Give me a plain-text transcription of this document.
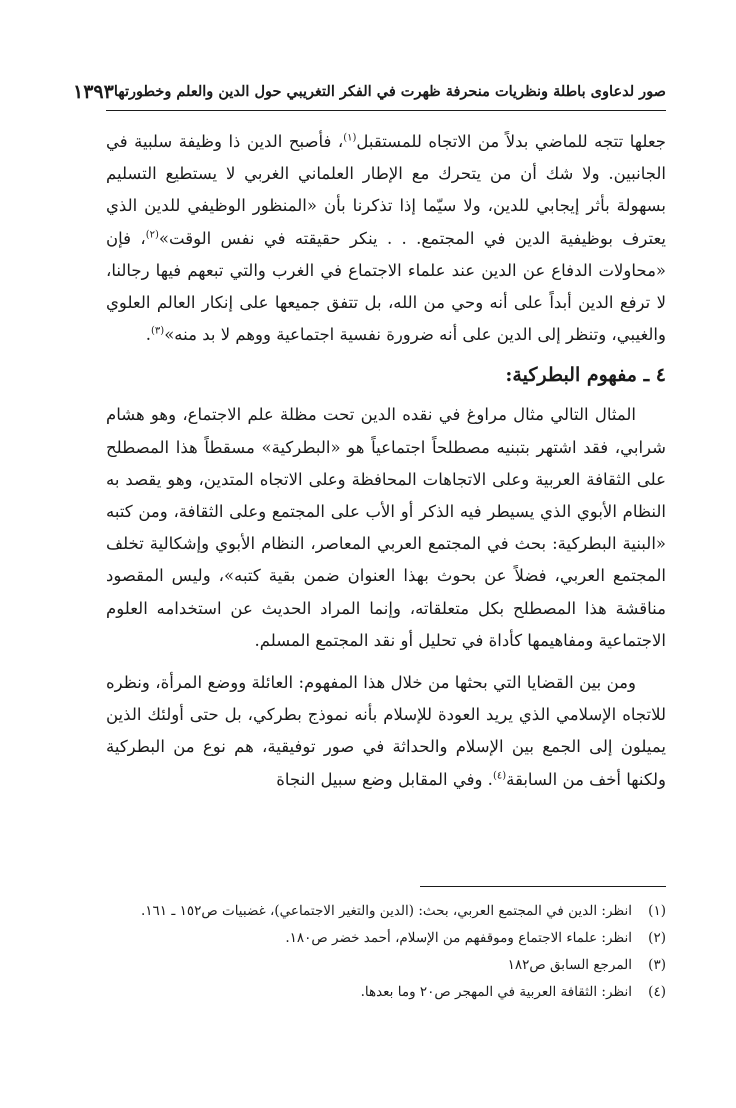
صور لدعاوى باطلة ونظريات منحرفة ظهرت في الفكر التغريبي حول الدين والعلم وخطورتها
١٣٩٣

جعلها تتجه للماضي بدلاً من الاتجاه للمستقبل$^{(١)}$، فأصبح الدين ذا وظيفة سلبية في الجانبين. ولا شك أن من يتحرك مع الإطار العلماني الغربي لا يستطيع التسليم بسهولة بأثر إيجابي للدين، ولا سيّما إذا تذكرنا بأن «المنظور الوظيفي للدين الذي يعترف بوظيفية الدين في المجتمع. . . ينكر حقيقته في نفس الوقت»$^{(٢)}$، فإن «محاولات الدفاع عن الدين عند علماء الاجتماع في الغرب والتي تبعهم فيها رجالنا، لا ترفع الدين أبداً على أنه وحي من الله، بل تتفق جميعها على إنكار العالم العلوي والغيبي، وتنظر إلى الدين على أنه ضرورة نفسية اجتماعية ووهم لا بد منه»$^{(٣)}$.

٤ ـ مفهوم البطركية:

المثال التالي مثال مراوغ في نقده الدين تحت مظلة علم الاجتماع، وهو هشام شرابي، فقد اشتهر بتبنيه مصطلحاً اجتماعياً هو «البطركية» مسقطاً هذا المصطلح على الثقافة العربية وعلى الاتجاهات المحافظة وعلى الاتجاه المتدين، وهو يقصد به النظام الأبوي الذي يسيطر فيه الذكر أو الأب على المجتمع وعلى الثقافة، ومن كتبه «البنية البطركية: بحث في المجتمع العربي المعاصر، النظام الأبوي وإشكالية تخلف المجتمع العربي، فضلاً عن بحوث بهذا العنوان ضمن بقية كتبه»، وليس المقصود مناقشة هذا المصطلح بكل متعلقاته، وإنما المراد الحديث عن استخدامه العلوم الاجتماعية ومفاهيمها كأداة في تحليل أو نقد المجتمع المسلم.

ومن بين القضايا التي بحثها من خلال هذا المفهوم: العائلة ووضع المرأة، ونظره للاتجاه الإسلامي الذي يريد العودة للإسلام بأنه نموذج بطركي، بل حتى أولئك الذين يميلون إلى الجمع بين الإسلام والحداثة في صور توفيقية، هم نوع من البطركية ولكنها أخف من السابقة$^{(٤)}$. وفي المقابل وضع سبيل النجاة

(١)
انظر: الدين في المجتمع العربي، بحث: (الدين والتغير الاجتماعي)، غضبيات ص١٥٢ ـ ١٦١.
(٢)
انظر: علماء الاجتماع وموقفهم من الإسلام، أحمد خضر ص١٨٠.
(٣)
المرجع السابق ص١٨٢
(٤)
انظر: الثقافة العربية في المهجر ص٢٠ وما بعدها.
